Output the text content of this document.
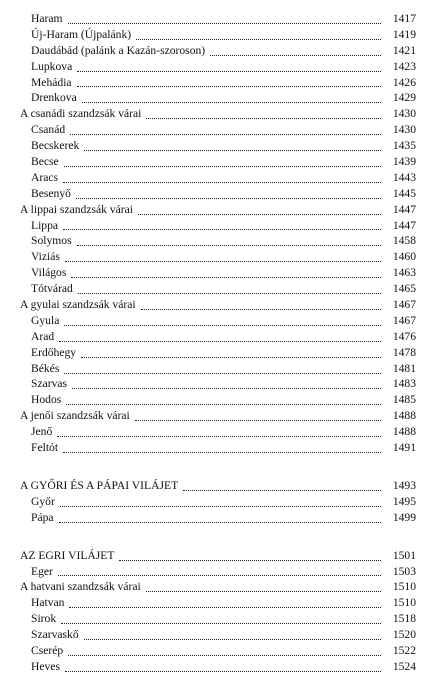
Haram	1417
Új-Haram (Újpalánk)	1419
Daudábád (palánk a Kazán-szoroson)	1421
Lupkova	1423
Mehádia	1426
Drenkova	1429
A csanádi szandzsák várai	1430
Csanád	1430
Becskerek	1435
Becse	1439
Aracs	1443
Besenyő	1445
A lippai szandzsák várai	1447
Lippa	1447
Solymos	1458
Viziás	1460
Világos	1463
Tótvárad	1465
A gyulai szandzsák várai	1467
Gyula	1467
Arad	1476
Erdőhegy	1478
Békés	1481
Szarvas	1483
Hodos	1485
A jenői szandzsák várai	1488
Jenő	1488
Feltót	1491
A GYŐRI ÉS A PÁPAI VILÁJET	1493
Győr	1495
Pápa	1499
AZ EGRI VILÁJET	1501
Eger	1503
A hatvani szandzsák várai	1510
Hatvan	1510
Sirok	1518
Szarvaskő	1520
Cserép	1522
Heves	1524
